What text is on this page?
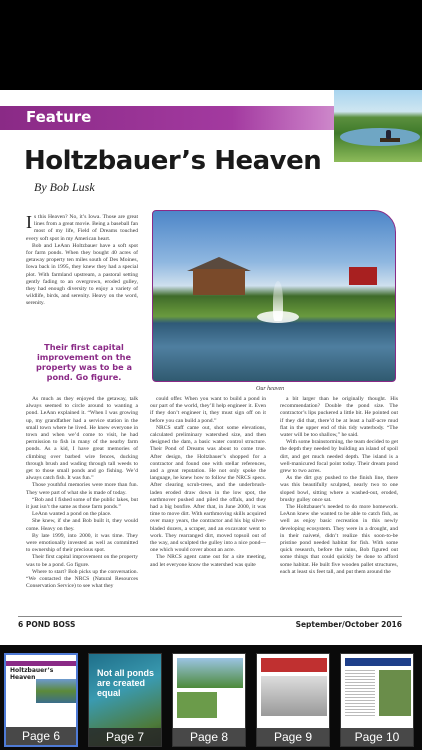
Feature
Holtzbauer’s Heaven
By Bob Lusk
I s this Heaven? No, it’s Iowa. Those are great lines from a great movie. Being a baseball fan most of my life, Field of Dreams touched every soft spot in my American heart.

Bob and LeAnn Holtzbauer have a soft spot for farm ponds. When they bought 40 acres of getaway property ten miles south of Des Moines, Iowa back in 1995, they knew they had a special plot. With farmland upstream, a pastoral setting gently fading to an overgrown, eroded gulley, they had enough diversity to enjoy a variety of wildlife, birds, and serenity. Heavy on the word, serenity.

Their first capital improvement on the property was to be a pond. Go figure.
Our heaven

As much as they enjoyed the getaway, talk always seemed to circle around to wanting a pond. LeAnn explained it. “When I was growing up, my grandfather had a service station in the small town where he lived. He knew everyone in town and when we’d come to visit, he had permission to fish in many of the nearby farm ponds. As a kid, I have great memories of climbing over barbed wire fences, ducking through brush and wading through tall weeds to get to those small ponds and go fishing. We’d always catch fish. It was fun.”

Those youthful memories were more than fun. They were part of what she is made of today.

“Bob and I fished some of the public lakes, but it just isn’t the same as those farm ponds.”

LeAnn wanted a pond on the place.

She knew, if she and Bob built it, they would come. Heavy on they.

By late 1999, into 2000, it was time. They were emotionally invested as well as committed to ownership of their precious spot.

Their first capital improvement on the property was to be a pond. Go figure.

Where to start? Bob picks up the conversation. “We contacted the NRCS (Natural Resources Conservation Service) to see what they

could offer. When you want to build a pond in our part of the world, they’ll help engineer it. Even if they don’t engineer it, they must sign off on it before you can build a pond.”

NRCS staff came out, shot some elevations, calculated preliminary watershed size, and then designed the dam, a basic water control structure. Their Pond of Dreams was about to come true. After design, the Holtzbauer’s shopped for a contractor and found one with stellar references, and a great reputation. He not only spoke the language, he knew how to follow the NRCS specs. After clearing scrub-trees, and the underbrush-laden eroded draw down in the low spot, the earthmover pushed and piled the offals, and they had a big bonfire. After that, in June 2000, it was time to move dirt. With earthmoving skills acquired over many years, the contractor and his big silver-bladed dozers, a scraper, and an excavator went to work. They rearranged dirt, moved topsoil out of the way, and sculpted the gulley into a nice pond—one which would cover about an acre.

The NRCS agent came out for a site meeting, and let everyone know the watershed was quite

a bit larger than he originally thought. His recommendation? Double the pond size. The contractor’s lips puckered a little bit. He pointed out if they did that, there’d be at least a half-acre mud flat in the upper end of this tidy waterbody. “The water will be too shallow,” he said.

With some brainstorming, the team decided to get the depth they needed by building an island of spoil dirt, and get much needed depth. The island is a well-manicured focal point today. Their dream pond grew to two acres.

As the dirt guy pushed to the finish line, there was this beautifully sculpted, nearly two to one sloped bowl, sitting where a washed-out, eroded, brushy gulley once sat.

The Holtzbauer’s needed to do more homework. LeAnn knew she wanted to be able to catch fish, as well as enjoy basic recreation in this newly developing ecosystem. They were in a drought, and in their naiveté, didn’t realize this soon-to-be pristine pond needed habitat for fish. With some quick research, before the rains, Bob figured out some things that could quickly be done to afford some habitat. He built five wooden pallet structures, each at least six feet tall, and put them around the

6 POND BOSS	September/October 2016
Holtzbauer’s Heaven
Page 6
Not all ponds are created equal
Page 7	Page 8	Page 9	Page 10
